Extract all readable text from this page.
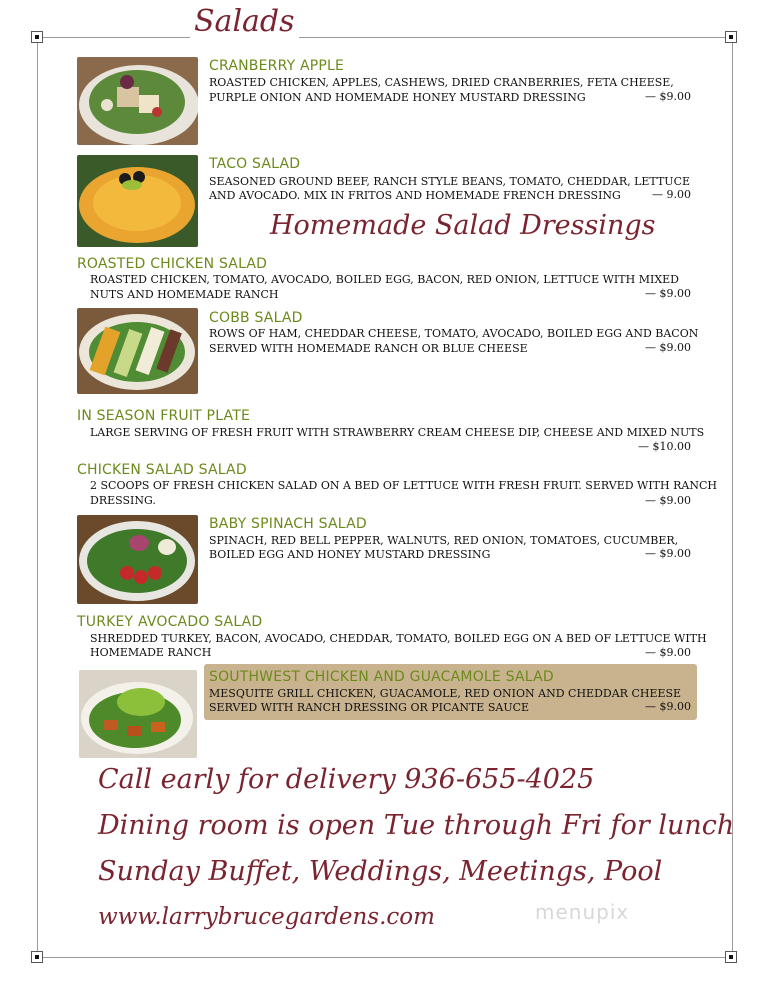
Salads
CRANBERRY APPLE
ROASTED CHICKEN, APPLES, CASHEWS, DRIED CRANBERRIES, FETA CHEESE,
PURPLE ONION AND HOMEMADE HONEY MUSTARD DRESSING	— $9.00
TACO SALAD
SEASONED GROUND BEEF, RANCH STYLE BEANS, TOMATO, CHEDDAR, LETTUCE
AND AVOCADO. MIX IN FRITOS AND HOMEMADE FRENCH DRESSING	— 9.00
Homemade Salad Dressings
ROASTED CHICKEN SALAD
ROASTED CHICKEN, TOMATO, AVOCADO, BOILED EGG, BACON, RED ONION, LETTUCE WITH MIXED
NUTS AND HOMEMADE RANCH	— $9.00
COBB SALAD
ROWS OF HAM, CHEDDAR CHEESE, TOMATO, AVOCADO, BOILED EGG AND BACON
SERVED WITH HOMEMADE RANCH OR BLUE CHEESE	— $9.00
IN SEASON FRUIT PLATE
LARGE SERVING OF FRESH FRUIT WITH STRAWBERRY CREAM CHEESE DIP, CHEESE AND MIXED NUTS
— $10.00
CHICKEN SALAD SALAD
2 SCOOPS OF FRESH CHICKEN SALAD ON A BED OF LETTUCE WITH FRESH FRUIT. SERVED WITH RANCH
DRESSING.	— $9.00
BABY SPINACH SALAD
SPINACH, RED BELL PEPPER, WALNUTS, RED ONION, TOMATOES, CUCUMBER,
BOILED EGG AND HONEY MUSTARD DRESSING	— $9.00
TURKEY AVOCADO SALAD
SHREDDED TURKEY, BACON, AVOCADO, CHEDDAR, TOMATO, BOILED EGG ON A BED OF LETTUCE WITH
HOMEMADE RANCH	— $9.00
SOUTHWEST CHICKEN AND GUACAMOLE SALAD
MESQUITE GRILL CHICKEN, GUACAMOLE, RED ONION AND CHEDDAR CHEESE
SERVED WITH RANCH DRESSING OR PICANTE SAUCE	— $9.00
Call early for delivery 936-655-4025
Dining room is open Tue through Fri for lunch
Sunday Buffet, Weddings, Meetings, Pool
www.larrybrucegardens.com	menupix
